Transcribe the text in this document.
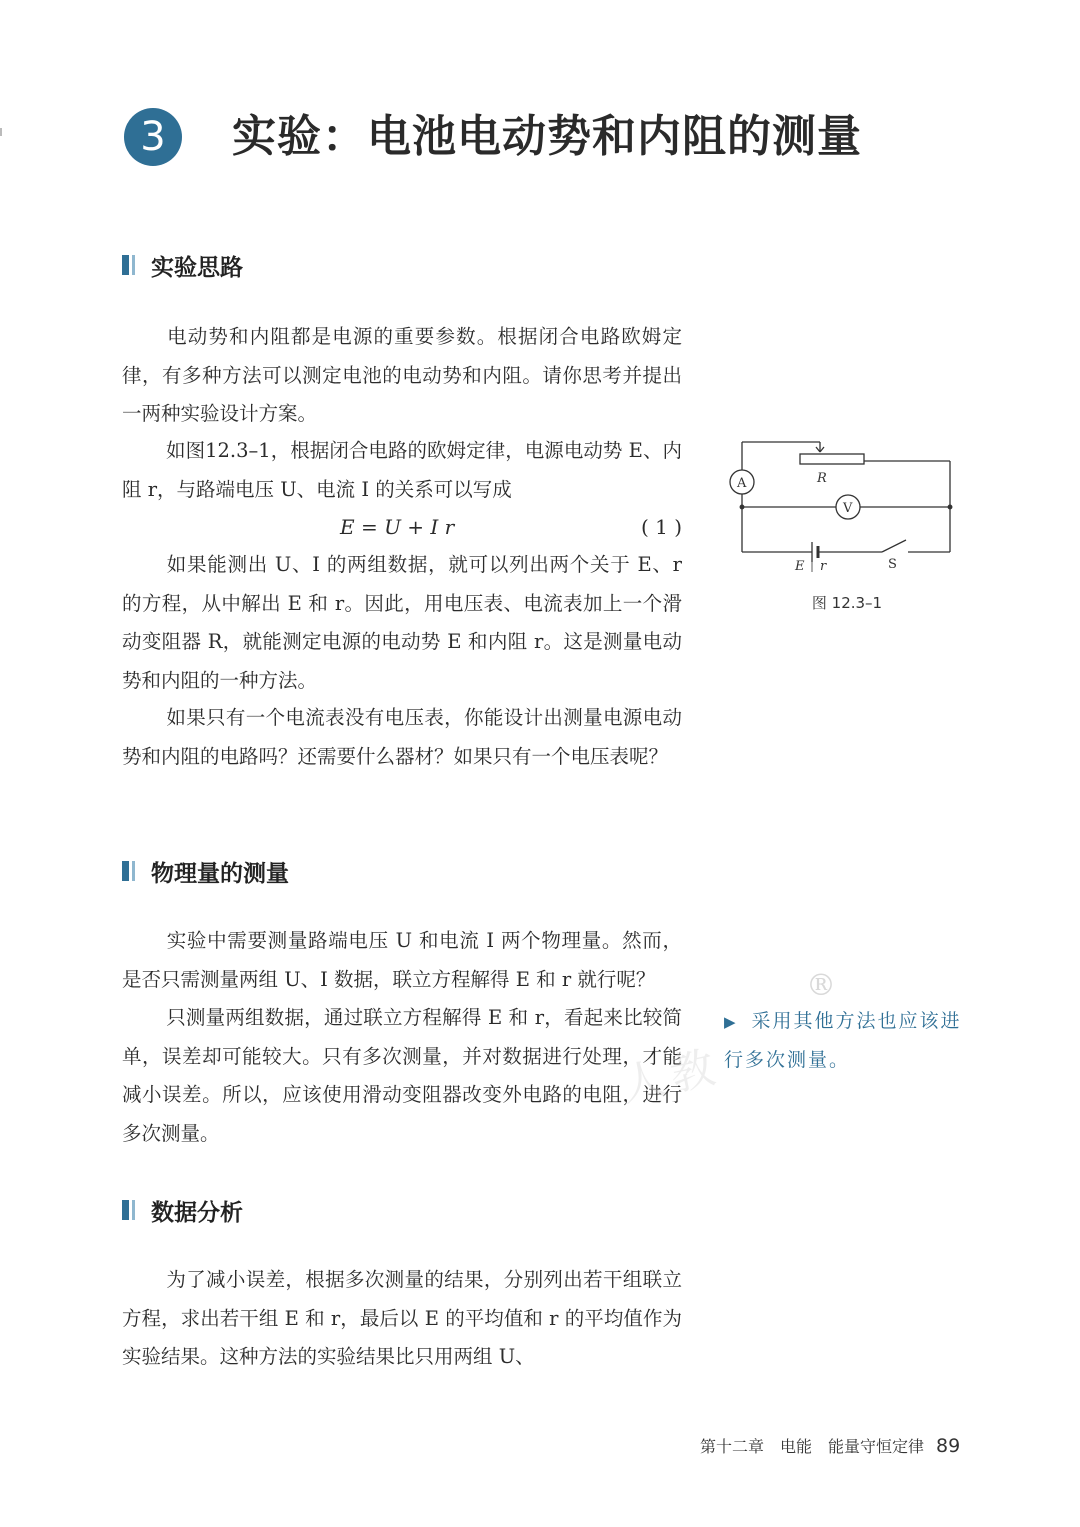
3	实验：电池电动势和内阻的测量
实验思路

电动势和内阻都是电源的重要参数。根据闭合电路欧姆定律，有多种方法可以测定电池的电动势和内阻。请你思考并提出一两种实验设计方案。

如图12.3–1，根据闭合电路的欧姆定律，电源电动势 E、内阻 r，与路端电压 U、电流 I 的关系可以写成

E = U + I r	( 1 )

如果能测出 U、I 的两组数据，就可以列出两个关于 E、r 的方程，从中解出 E 和 r。因此，用电压表、电流表加上一个滑动变阻器 R，就能测定电源的电动势 E 和内阻 r。这是测量电动势和内阻的一种方法。

如果只有一个电流表没有电压表，你能设计出测量电源电动势和内阻的电路吗？还需要什么器材？如果只有一个电压表呢？

R
A
V
E r	S
图 12.3–1
物理量的测量

实验中需要测量路端电压 U 和电流 I 两个物理量。然而，是否只需测量两组 U、I 数据，联立方程解得 E 和 r 就行呢？

只测量两组数据，通过联立方程解得 E 和 r，看起来比较简单，误差却可能较大。只有多次测量，并对数据进行处理，才能减小误差。所以，应该使用滑动变阻器改变外电路的电阻，进行多次测量。

人教
®
▶ 采用其他方法也应该进行多次测量。
数据分析

为了减小误差，根据多次测量的结果，分别列出若干组联立方程，求出若干组 E 和 r，最后以 E 的平均值和 r 的平均值作为实验结果。这种方法的实验结果比只用两组 U、

第十二章　电能　能量守恒定律 89
